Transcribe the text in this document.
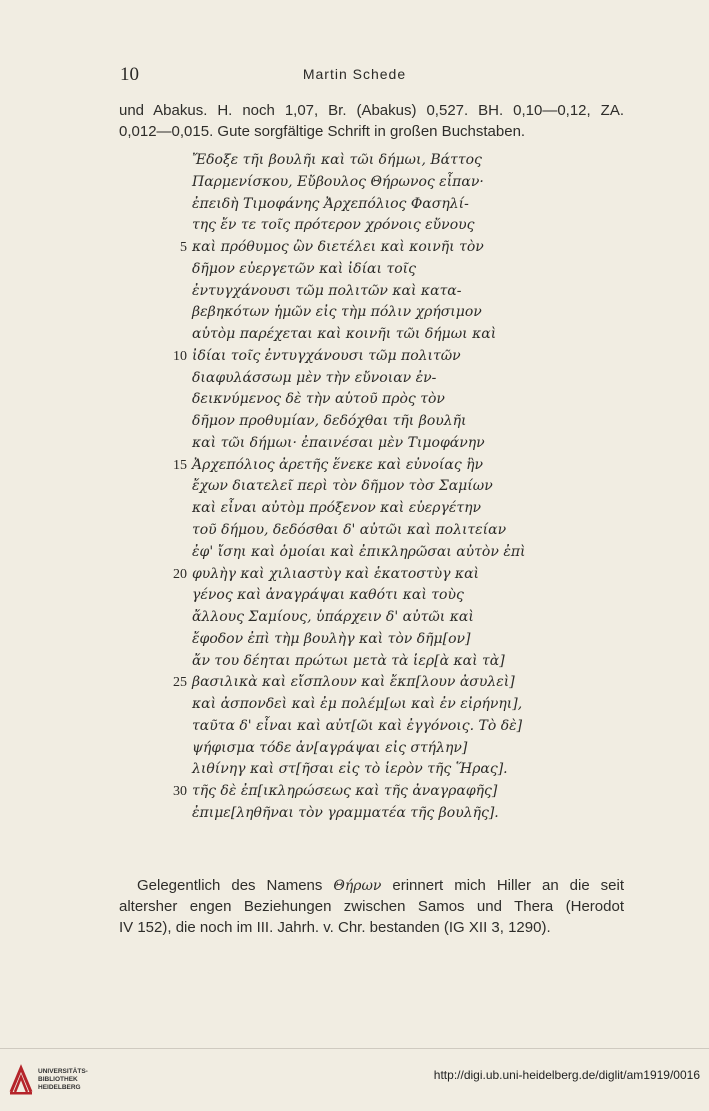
10	Martin Schede
und Abakus. H. noch 1,07, Br. (Abakus) 0,527. BH. 0,10—0,12, ZA.
0,012—0,015. Gute sorgfältige Schrift in großen Buchstaben.
Ἔδοξε τῆι βουλῆι καὶ τῶι δήμωι, Βάττος
Παρμενίσκου, Εὔβουλος Θήρωνος εἶπαν·
ἐπειδὴ Τιμοφάνης Ἀρχεπόλιος Φασηλί-
της ἔν τε τοῖς πρότερον χρόνοις εὔνους
5 καὶ πρόθυμος ὢν διετέλει καὶ κοινῆι τὸν
δῆμον εὐεργετῶν καὶ ἰδίαι τοῖς
ἐντυγχάνουσι τῶμ πολιτῶν καὶ κατα-
βεβηκότων ἡμῶν εἰς τὴμ πόλιν χρήσιμον
αὑτὸμ παρέχεται καὶ κοινῆι τῶι δήμωι καὶ
10 ἰδίαι τοῖς ἐντυγχάνουσι τῶμ πολιτῶν
διαφυλάσσωμ μὲν τὴν εὔνοιαν ἐν-
δεικνύμενος δὲ τὴν αὑτοῦ πρὸς τὸν
δῆμον προθυμίαν, δεδόχθαι τῆι βουλῆι
καὶ τῶι δήμωι· ἐπαινέσαι μὲν Τιμοφάνην
15 Ἀρχεπόλιος ἀρετῆς ἕνεκε καὶ εὐνοίας ἣν
ἔχων διατελεῖ περὶ τὸν δῆμον τὸσ Σαμίων
καὶ εἶναι αὐτὸμ πρόξενον καὶ εὐεργέτην
τοῦ δήμου, δεδόσθαι δ' αὐτῶι καὶ πολιτείαν
ἐφ' ἴσηι καὶ ὁμοίαι καὶ ἐπικληρῶσαι αὐτὸν ἐπὶ
20 φυλὴγ καὶ χιλιαστὺγ καὶ ἑκατοστὺγ καὶ
γένος καὶ ἀναγράψαι καθότι καὶ τοὺς
ἄλλους Σαμίους, ὑπάρχειν δ' αὐτῶι καὶ
ἔφοδον ἐπὶ τὴμ βουλὴγ καὶ τὸν δῆμ[ον]
ἄν του δέηται πρώτωι μετὰ τὰ ἱερ[ὰ καὶ τὰ]
25 βασιλικὰ καὶ εἴσπλουν καὶ ἔκπ[λουν ἀσυλεὶ]
καὶ ἀσπονδεὶ καὶ ἐμ πολέμ[ωι καὶ ἐν εἰρήνηι],
ταῦτα δ' εἶναι καὶ αὐτ[ῶι καὶ ἐγγόνοις. Τὸ δὲ]
ψήφισμα τόδε ἀν[αγράψαι εἰς στήλην]
λιθίνηγ καὶ στ[ῆσαι εἰς τὸ ἱερὸν τῆς Ἥρας].
30 τῆς δὲ ἐπ[ικληρώσεως καὶ τῆς ἀναγραφῆς]
ἐπιμε[ληθῆναι τὸν γραμματέα τῆς βουλῆς].
Gelegentlich des Namens Θήρων erinnert mich Hiller an die seit
altersher engen Beziehungen zwischen Samos und Thera (Herodot
IV 152), die noch im III. Jahrh. v. Chr. bestanden (IG XII 3, 1290).
UNIVERSITÄTS-
BIBLIOTHEK
HEIDELBERG
http://digi.ub.uni-heidelberg.de/diglit/am1919/0016
